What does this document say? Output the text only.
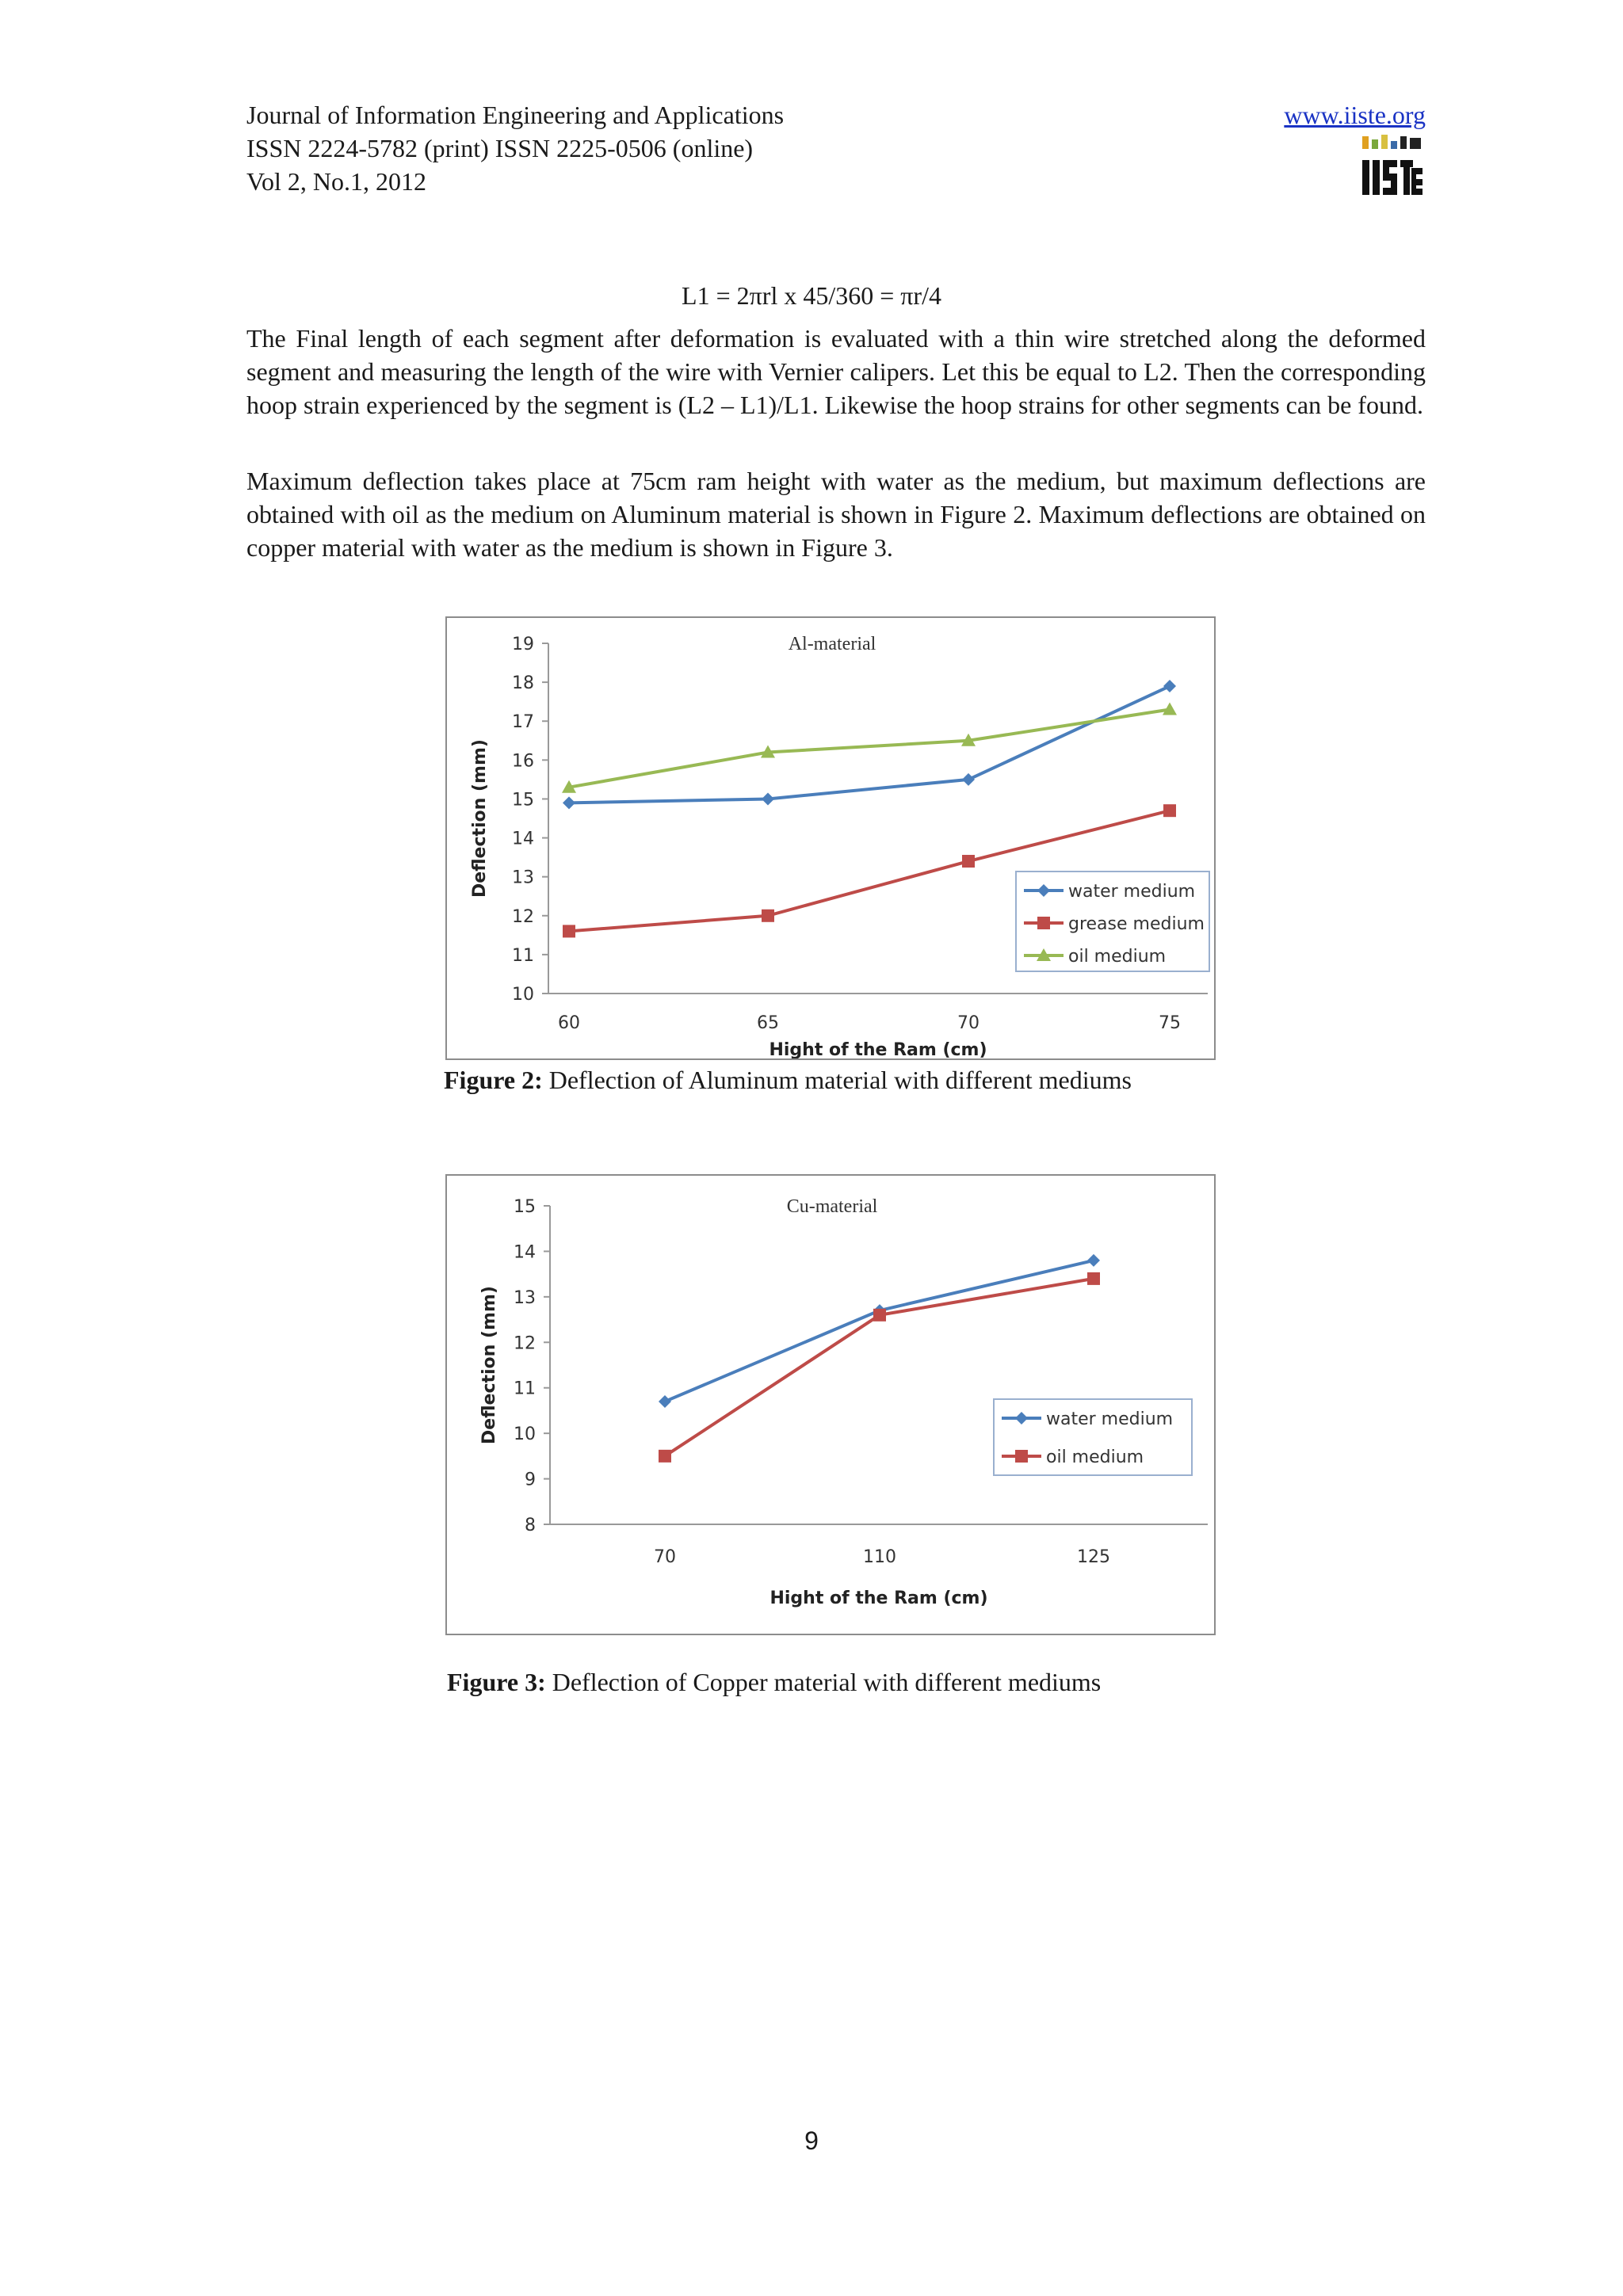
Journal of Information Engineering and Applications
ISSN 2224-5782 (print) ISSN 2225-0506 (online)
Vol 2, No.1, 2012
www.iiste.org
L1 = 2πrl x 45/360 = πr/4

The Final length of each segment after deformation is evaluated with a thin wire stretched along the deformed segment and measuring the length of the wire with Vernier calipers. Let this be equal to L2. Then the corresponding hoop strain experienced by the segment is (L2 – L1)/L1. Likewise the hoop strains for other segments can be found.

Maximum deflection takes place at 75cm ram height with water as the medium, but maximum deflections are obtained with oil as the medium on Aluminum material is shown in Figure 2. Maximum deflections are obtained on copper material with water as the medium is shown in Figure 3.

10
11
12
13
14
15
16
17
18
19
60	65	70	75
Al-material
Hight of the Ram (cm)
Deflection (mm)	water medium
grease medium
oil medium
Figure 2: Deflection of Aluminum material with different mediums
8
9
10
11
12
13
14
15
70	110	125
Cu-material
Hight of the Ram (cm)
Deflection (mm)	water medium
oil medium
Figure 3: Deflection of Copper material with different mediums
9
